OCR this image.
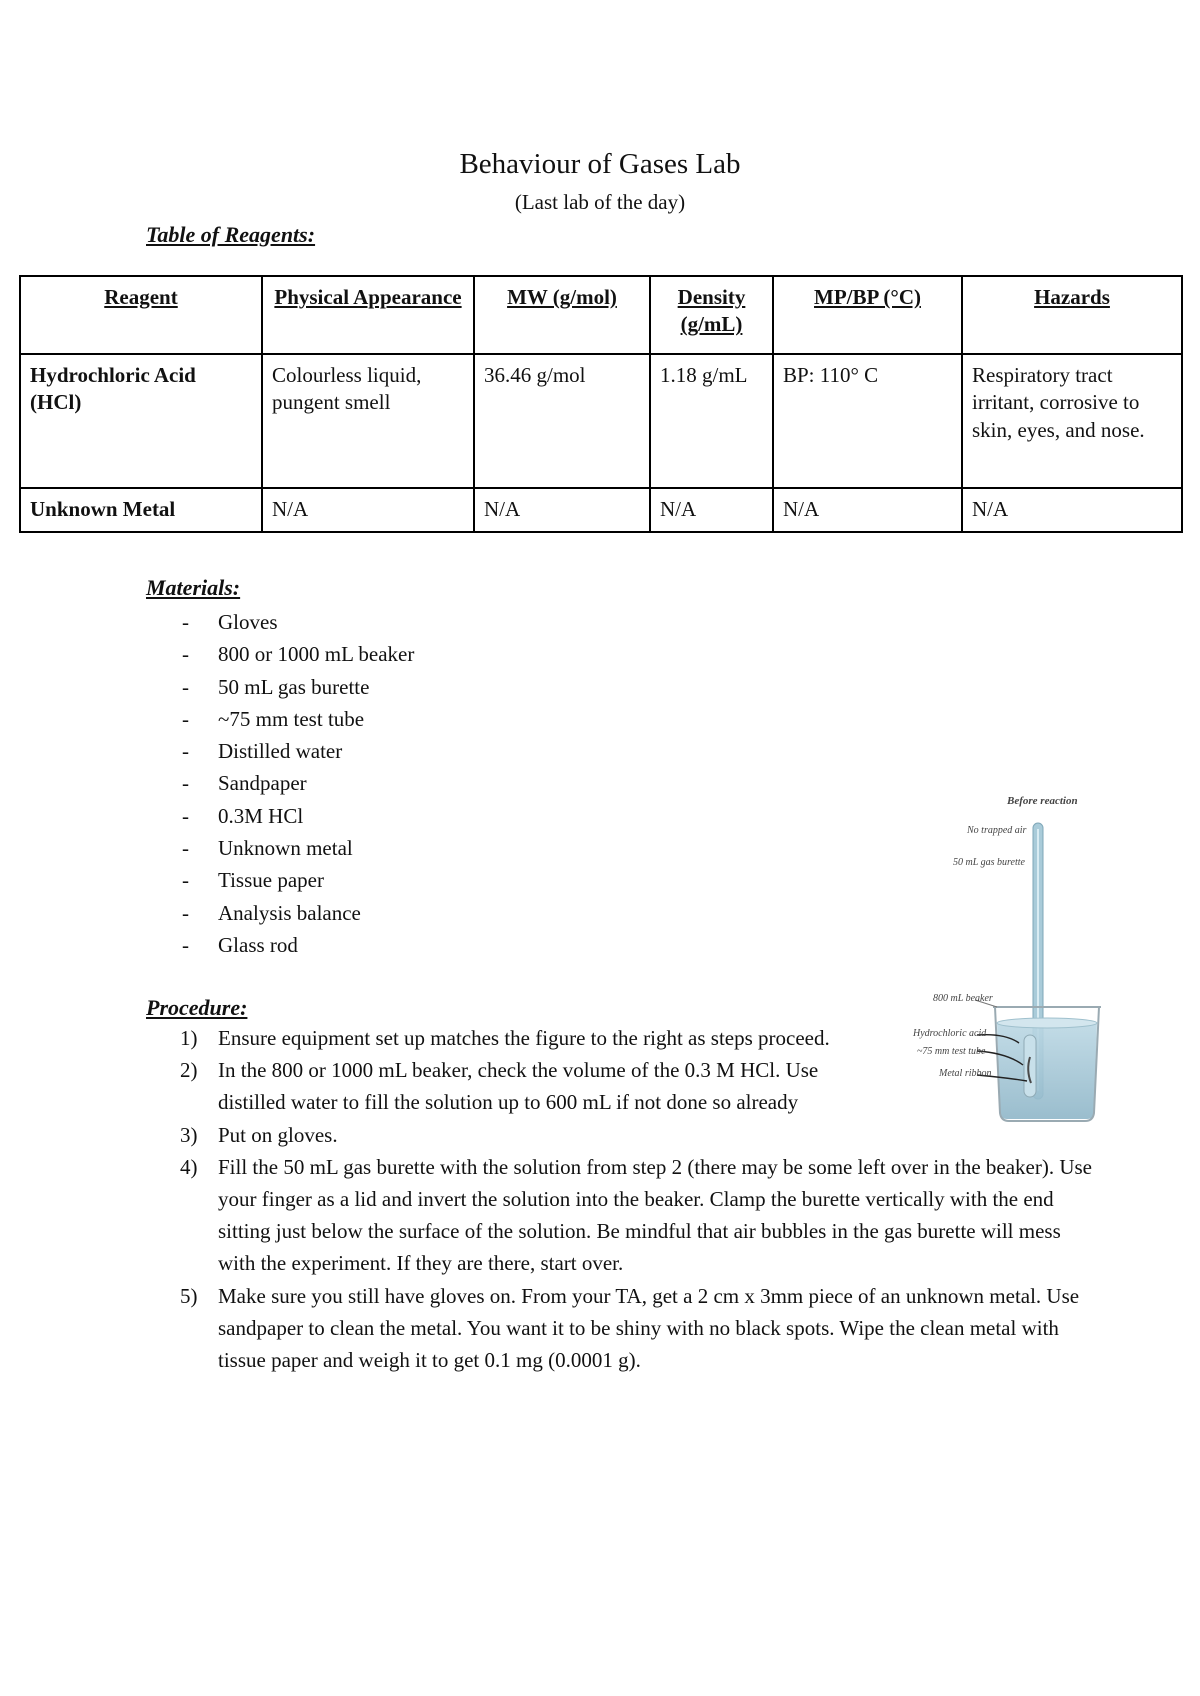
Behaviour of Gases Lab
(Last lab of the day)
Table of Reagents:
Reagent	Physical Appearance	MW (g/mol)	Density (g/mL)	MP/BP (°C)	Hazards
Hydrochloric Acid (HCl)	Colourless liquid, pungent smell	36.46 g/mol	1.18 g/mL	BP: 110° C	Respiratory tract irritant, corrosive to skin, eyes, and nose.
Unknown Metal	N/A	N/A	N/A	N/A	N/A
Materials:
- Gloves
- 800 or 1000 mL beaker
- 50 mL gas burette
- ~75 mm test tube
- Distilled water
- Sandpaper
- 0.3M HCl
- Unknown metal
- Tissue paper
- Analysis balance
- Glass rod
Before reaction
No trapped air
50 mL gas burette
800 mL beaker
Hydrochloric acid
~75 mm test tube
Metal ribbon
Procedure:
1) Ensure equipment set up matches the figure to the right as steps proceed.
2) In the 800 or 1000 mL beaker, check the volume of the 0.3 M HCl. Use distilled water to fill the solution up to 600 mL if not done so already
3) Put on gloves.
4) Fill the 50 mL gas burette with the solution from step 2 (there may be some left over in the beaker). Use your finger as a lid and invert the solution into the beaker. Clamp the burette vertically with the end sitting just below the surface of the solution. Be mindful that air bubbles in the gas burette will mess with the experiment. If they are there, start over.
5) Make sure you still have gloves on. From your TA, get a 2 cm x 3mm piece of an unknown metal. Use sandpaper to clean the metal. You want it to be shiny with no black spots. Wipe the clean metal with tissue paper and weigh it to get 0.1 mg (0.0001 g).
